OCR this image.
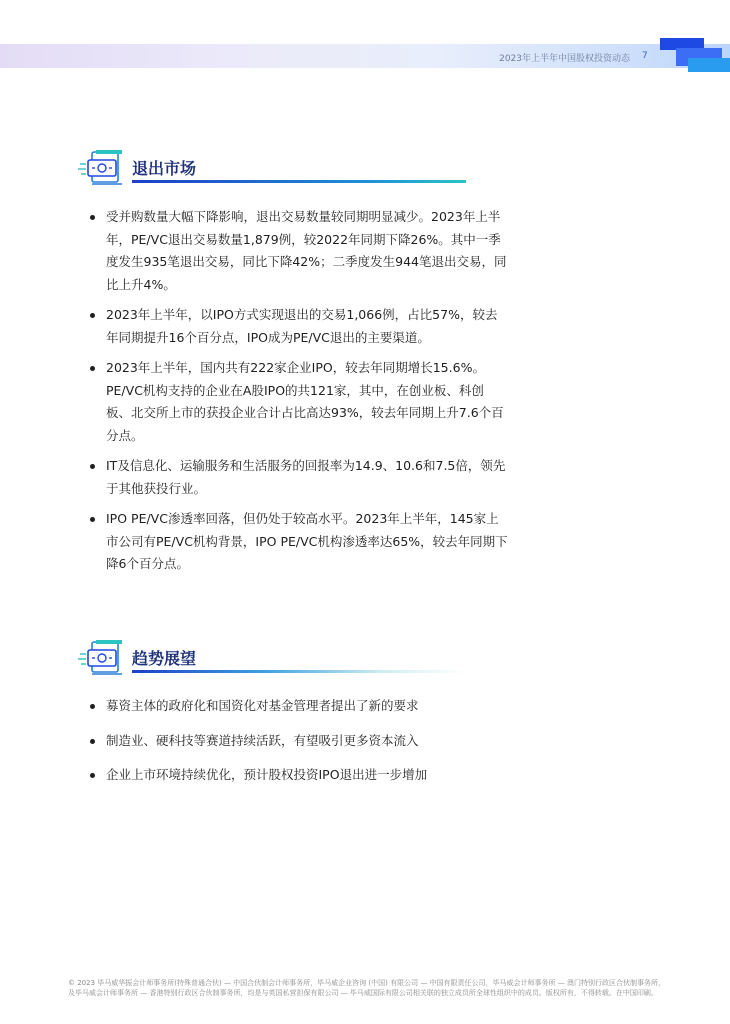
2023年上半年中国股权投资动态 7
退出市场
受并购数量大幅下降影响，退出交易数量较同期明显减少。2023年上半年，PE/VC退出交易数量1,879例，较2022年同期下降26%。其中一季度发生935笔退出交易，同比下降42%；二季度发生944笔退出交易，同比上升4%。
2023年上半年，以IPO方式实现退出的交易1,066例，占比57%，较去年同期提升16个百分点，IPO成为PE/VC退出的主要渠道。
2023年上半年，国内共有222家企业IPO，较去年同期增长15.6%。PE/VC机构支持的企业在A股IPO的共121家，其中，在创业板、科创板、北交所上市的获投企业合计占比高达93%，较去年同期上升7.6个百分点。
IT及信息化、运输服务和生活服务的回报率为14.9、10.6和7.5倍，领先于其他获投行业。
IPO PE/VC渗透率回落，但仍处于较高水平。2023年上半年，145家上市公司有PE/VC机构背景，IPO PE/VC机构渗透率达65%，较去年同期下降6个百分点。
趋势展望
募资主体的政府化和国资化对基金管理者提出了新的要求
制造业、硬科技等赛道持续活跃，有望吸引更多资本流入
企业上市环境持续优化，预计股权投资IPO退出进一步增加
© 2023 毕马威华振会计师事务所(特殊普通合伙) — 中国合伙制会计师事务所，毕马威企业咨询 (中国) 有限公司 — 中国有限责任公司，毕马威会计师事务所 — 澳门特别行政区合伙制事务所，
及毕马威会计师事务所 — 香港特别行政区合伙制事务所，均是与英国私营担保有限公司 — 毕马威国际有限公司相关联的独立成员所全球性组织中的成员。版权所有，不得转载。在中国印刷。
